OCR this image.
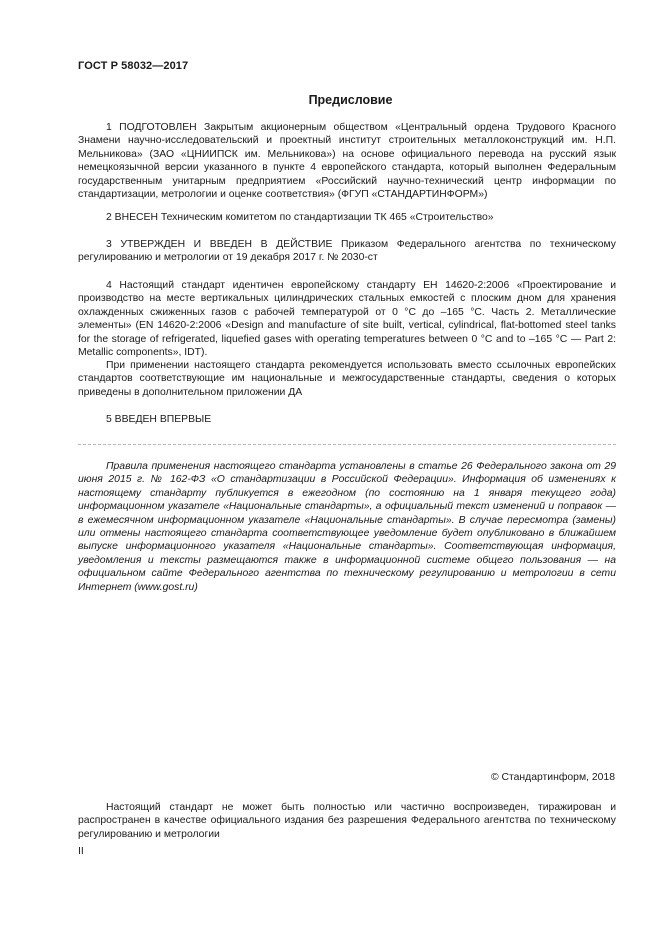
ГОСТ Р 58032—2017
Предисловие

1 ПОДГОТОВЛЕН Закрытым акционерным обществом «Центральный ордена Трудового Красного Знамени научно-исследовательский и проектный институт строительных металлоконструкций им. Н.П. Мельникова» (ЗАО «ЦНИИПСК им. Мельникова») на основе официального перевода на русский язык немецкоязычной версии указанного в пункте 4 европейского стандарта, который выполнен Федеральным государственным унитарным предприятием «Российский научно-технический центр информации по стандартизации, метрологии и оценке соответствия» (ФГУП «СТАНДАРТИНФОРМ»)

2 ВНЕСЕН Техническим комитетом по стандартизации ТК 465 «Строительство»

3 УТВЕРЖДЕН И ВВЕДЕН В ДЕЙСТВИЕ Приказом Федерального агентства по техническому регулированию и метрологии от 19 декабря 2017 г. № 2030-ст

4 Настоящий стандарт идентичен европейскому стандарту ЕН 14620-2:2006 «Проектирование и производство на месте вертикальных цилиндрических стальных емкостей с плоским дном для хранения охлажденных сжиженных газов с рабочей температурой от 0 °С до –165 °С. Часть 2. Металлические элементы» (EN 14620-2:2006 «Design and manufacture of site built, vertical, cylindrical, flat-bottomed steel tanks for the storage of refrigerated, liquefied gases with operating temperatures between 0 °C and to –165 °C — Part 2: Metallic components», IDT).

При применении настоящего стандарта рекомендуется использовать вместо ссылочных европейских стандартов соответствующие им национальные и межгосударственные стандарты, сведения о которых приведены в дополнительном приложении ДА

5 ВВЕДЕН ВПЕРВЫЕ

Правила применения настоящего стандарта установлены в статье 26 Федерального закона от 29 июня 2015 г. № 162-ФЗ «О стандартизации в Российской Федерации». Информация об изменениях к настоящему стандарту публикуется в ежегодном (по состоянию на 1 января текущего года) информационном указателе «Национальные стандарты», а официальный текст изменений и поправок — в ежемесячном информационном указателе «Национальные стандарты». В случае пересмотра (замены) или отмены настоящего стандарта соответствующее уведомление будет опубликовано в ближайшем выпуске информационного указателя «Национальные стандарты». Соответствующая информация, уведомления и тексты размещаются также в информационной системе общего пользования — на официальном сайте Федерального агентства по техническому регулированию и метрологии в сети Интернет (www.gost.ru)

© Стандартинформ, 2018

Настоящий стандарт не может быть полностью или частично воспроизведен, тиражирован и распространен в качестве официального издания без разрешения Федерального агентства по техническому регулированию и метрологии

II
